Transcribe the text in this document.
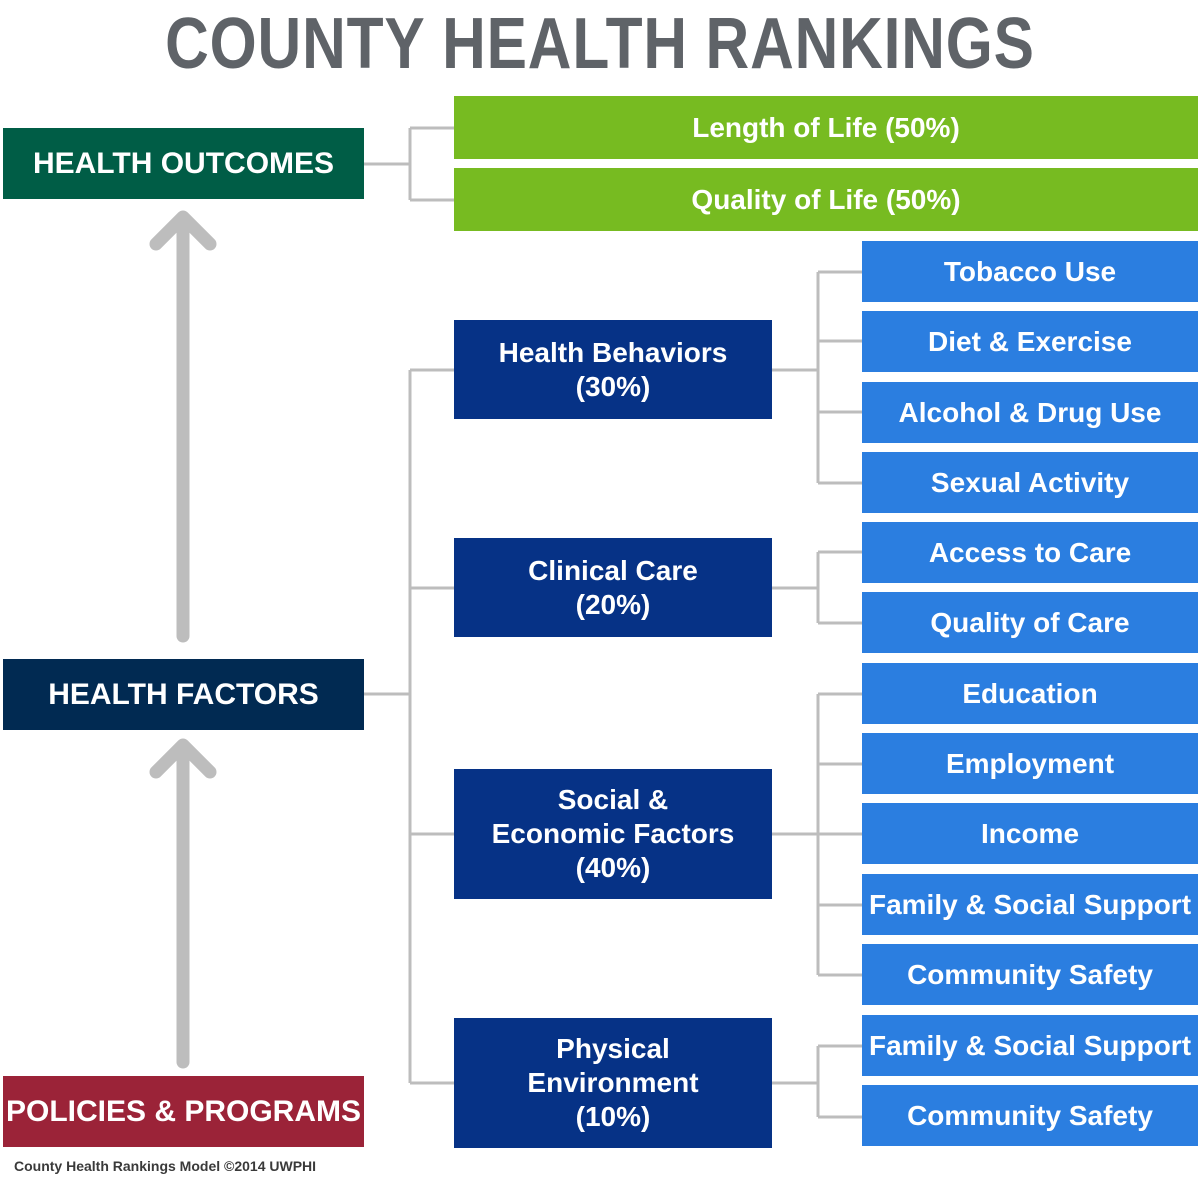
COUNTY HEALTH RANKINGS
HEALTH OUTCOMES
HEALTH FACTORS
POLICIES & PROGRAMS
Length of Life (50%)
Quality of Life (50%)
Health Behaviors
(30%)
Clinical Care
(20%)
Social &
Economic Factors
(40%)
Physical
Environment
(10%)
Tobacco Use
Diet & Exercise
Alcohol & Drug Use
Sexual Activity
Access to Care
Quality of Care
Education
Employment
Income
Family & Social Support
Community Safety
Family & Social Support
Community Safety
County Health Rankings Model ©2014 UWPHI
